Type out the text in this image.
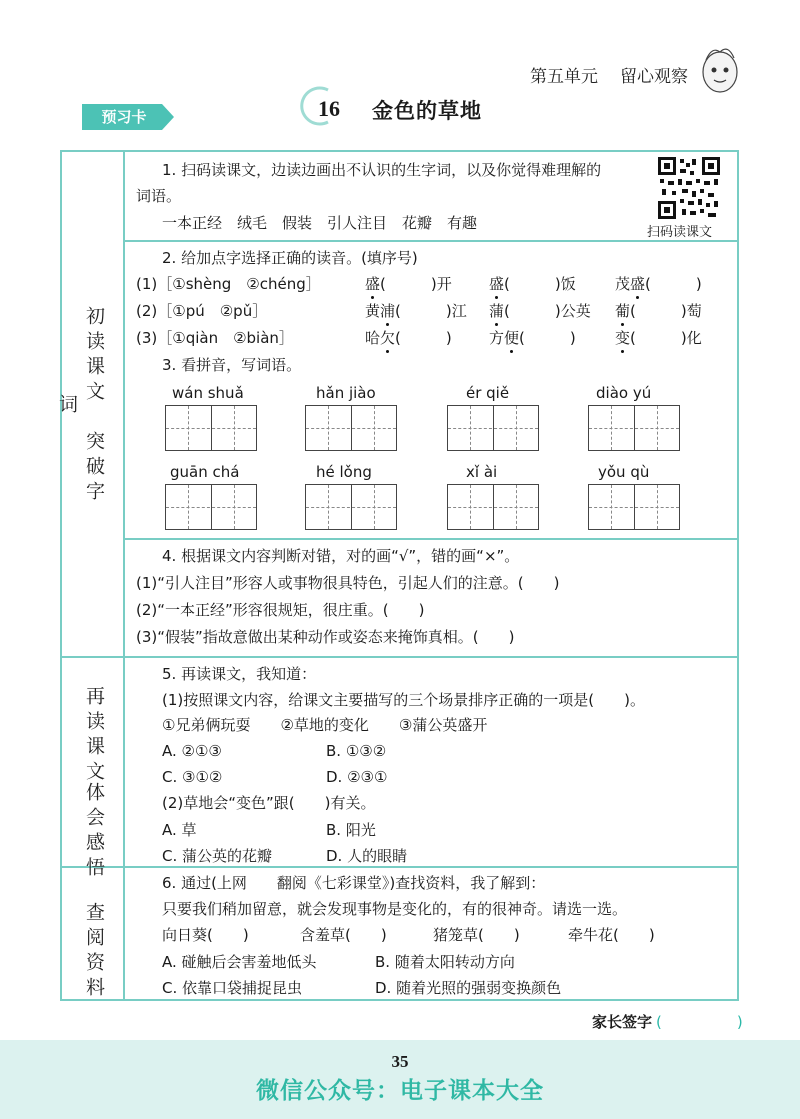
第五单元 留心观察
预习卡	16 金色的草地
初读课文　突破字词
再读课文
体会感悟
查阅资料
1. 扫码读课文，边读边画出不认识的生字词，以及你觉得难理解的
词语。
一本正经　绒毛　假装　引人注目　花瓣　有趣
扫码读课文
2. 给加点字选择正确的读音。(填序号)
(1)［①shèng　②chéng］	盛(　　　)开 盛(　　　)饭	茂盛(　　　)
(2)［①pú　②pǔ］	黄浦(　　　)江 蒲(　　　)公英 葡(　　　)萄
(3)［①qiàn　②biàn］	哈欠(　　　) 方便(　　　)	变(　　　)化
3. 看拼音，写词语。
wán shuǎ	hǎn jiào	ér qiě	diào yú
guān chá	hé lǒng	xǐ ài	yǒu qù
4. 根据课文内容判断对错，对的画“√”，错的画“×”。
(1)“引人注目”形容人或事物很具特色，引起人们的注意。(　　)
(2)“一本正经”形容很规矩，很庄重。(　　)
(3)“假装”指故意做出某种动作或姿态来掩饰真相。(　　)
5. 再读课文，我知道：
(1)按照课文内容，给课文主要描写的三个场景排序正确的一项是(　　)。
①兄弟俩玩耍　　②草地的变化　　③蒲公英盛开
A. ②①③	B. ①③②
C. ③①②	D. ②③①
(2)草地会“变色”跟(　　)有关。
A. 草	B. 阳光
C. 蒲公英的花瓣	D. 人的眼睛
6. 通过(上网　　翻阅《七彩课堂》)查找资料，我了解到：
只要我们稍加留意，就会发现事物是变化的，有的很神奇。请选一选。
向日葵(　　)	含羞草(　　)	猪笼草(　　)	牵牛花(　　)
A. 碰触后会害羞地低头	B. 随着太阳转动方向
C. 依靠口袋捕捉昆虫	D. 随着光照的强弱变换颜色
家长签字 (　　　　　)
35
微信公众号：电子课本大全
